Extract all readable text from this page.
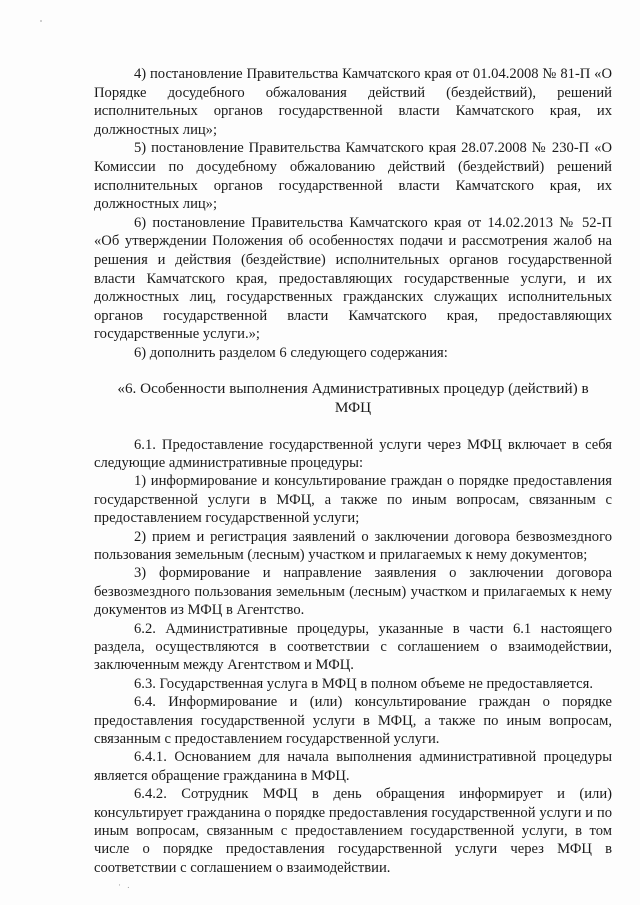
4) постановление Правительства Камчатского края от 01.04.2008 № 81-П «О Порядке досудебного обжалования действий (бездействий), решений исполнительных органов государственной власти Камчатского края, их должностных лиц»;

5) постановление Правительства Камчатского края 28.07.2008 № 230-П «О Комиссии по досудебному обжалованию действий (бездействий) решений исполнительных органов государственной власти Камчатского края, их должностных лиц»;

6) постановление Правительства Камчатского края от 14.02.2013 № 52-П «Об утверждении Положения об особенностях подачи и рассмотрения жалоб на решения и действия (бездействие) исполнительных органов государственной власти Камчатского края, предоставляющих государственные услуги, и их должностных лиц, государственных гражданских служащих исполнительных органов государственной власти Камчатского края, предоставляющих государственные услуги.»;

6) дополнить разделом 6 следующего содержания:

«6. Особенности выполнения Административных процедур (действий) в МФЦ

6.1. Предоставление государственной услуги через МФЦ включает в себя следующие административные процедуры:

1) информирование и консультирование граждан о порядке предоставления государственной услуги в МФЦ, а также по иным вопросам, связанным с предоставлением государственной услуги;

2) прием и регистрация заявлений о заключении договора безвозмездного пользования земельным (лесным) участком и прилагаемых к нему документов;

3) формирование и направление заявления о заключении договора безвозмездного пользования земельным (лесным) участком и прилагаемых к нему документов из МФЦ в Агентство.

6.2. Административные процедуры, указанные в части 6.1 настоящего раздела, осуществляются в соответствии с соглашением о взаимодействии, заключенным между Агентством и МФЦ.

6.3. Государственная услуга в МФЦ в полном объеме не предоставляется.

6.4. Информирование и (или) консультирование граждан о порядке предоставления государственной услуги в МФЦ, а также по иным вопросам, связанным с предоставлением государственной услуги.

6.4.1. Основанием для начала выполнения административной процедуры является обращение гражданина в МФЦ.

6.4.2. Сотрудник МФЦ в день обращения информирует и (или) консультирует гражданина о порядке предоставления государственной услуги и по иным вопросам, связанным с предоставлением государственной услуги, в том числе о порядке предоставления государственной услуги через МФЦ в соответствии с соглашением о взаимодействии.

· .
